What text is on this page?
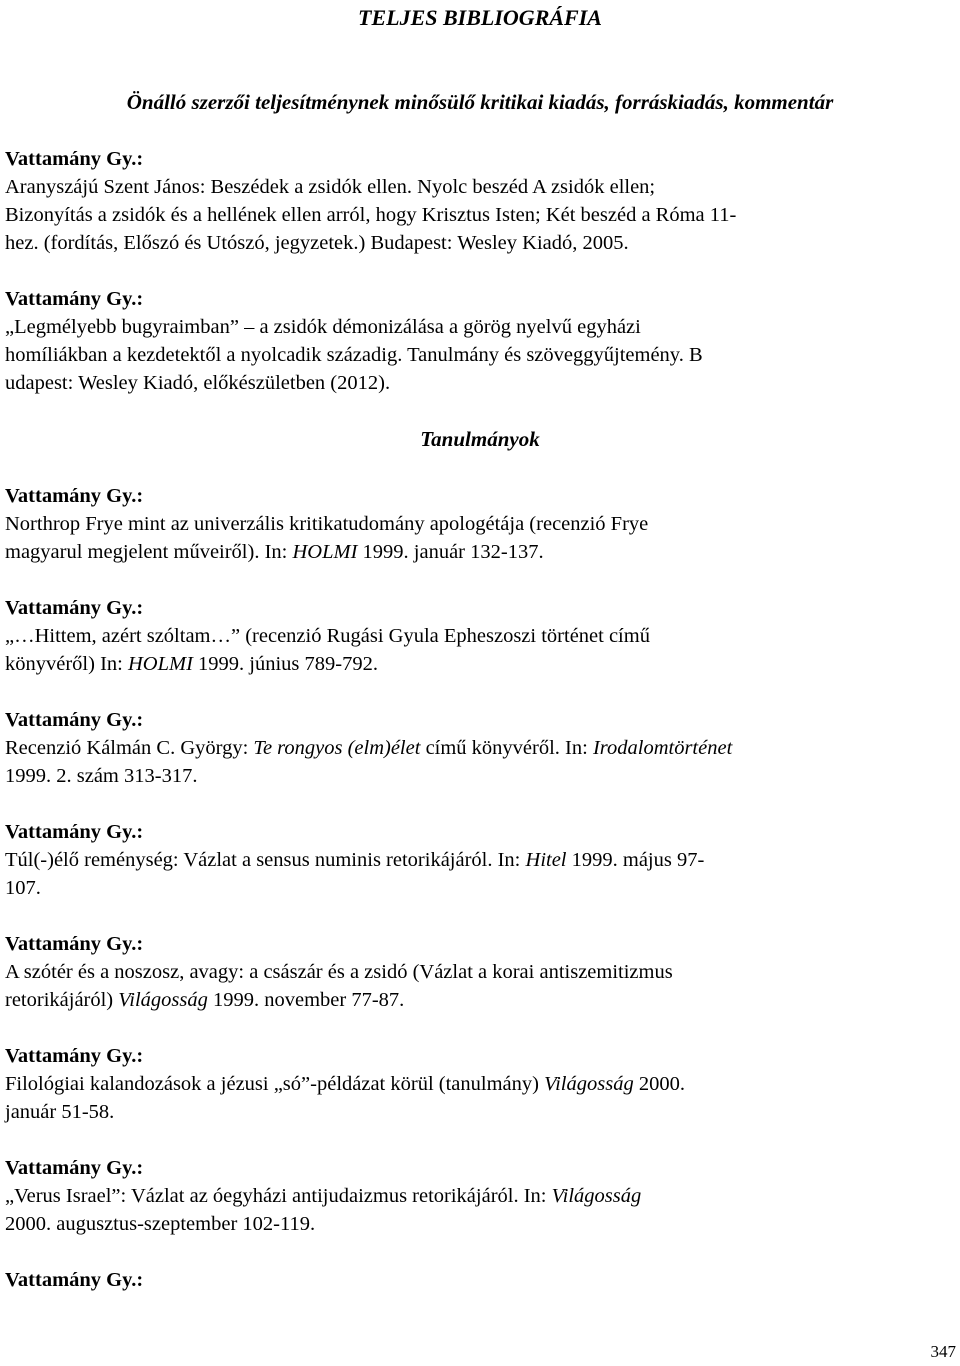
TELJES BIBLIOGRÁFIA
Önálló szerzői teljesítménynek minősülő kritikai kiadás, forráskiadás, kommentár
Vattamány Gy.:
Aranyszájú Szent János: Beszédek a zsidók ellen. Nyolc beszéd A zsidók ellen;
Bizonyítás a zsidók és a hellének ellen arról, hogy Krisztus Isten; Két beszéd a Róma 11-
hez. (fordítás, Előszó és Utószó, jegyzetek.) Budapest: Wesley Kiadó, 2005.
Vattamány Gy.:
„Legmélyebb bugyraimban” – a zsidók démonizálása a görög nyelvű egyházi
homíliákban a kezdetektől a nyolcadik századig. Tanulmány és szöveggyűjtemény. B
udapest: Wesley Kiadó, előkészületben (2012).
Tanulmányok
Vattamány Gy.:
Northrop Frye mint az univerzális kritikatudomány apologétája (recenzió Frye
magyarul megjelent műveiről). In: HOLMI 1999. január 132-137.
Vattamány Gy.:
„…Hittem, azért szóltam…” (recenzió Rugási Gyula Epheszoszi történet című
könyvéről) In: HOLMI 1999. június 789-792.
Vattamány Gy.:
Recenzió Kálmán C. György: Te rongyos (elm)élet című könyvéről. In: Irodalomtörténet
1999. 2. szám 313-317.
Vattamány Gy.:
Túl(-)élő reménység: Vázlat a sensus numinis retorikájáról. In: Hitel 1999. május 97-
107.
Vattamány Gy.:
A szótér és a noszosz, avagy: a császár és a zsidó (Vázlat a korai antiszemitizmus
retorikájáról) Világosság 1999. november 77-87.
Vattamány Gy.:
Filológiai kalandozások a jézusi „só”-példázat körül (tanulmány) Világosság 2000.
január 51-58.
Vattamány Gy.:
„Verus Israel”: Vázlat az óegyházi antijudaizmus retorikájáról. In: Világosság
2000. augusztus-szeptember 102-119.
Vattamány Gy.:
347
